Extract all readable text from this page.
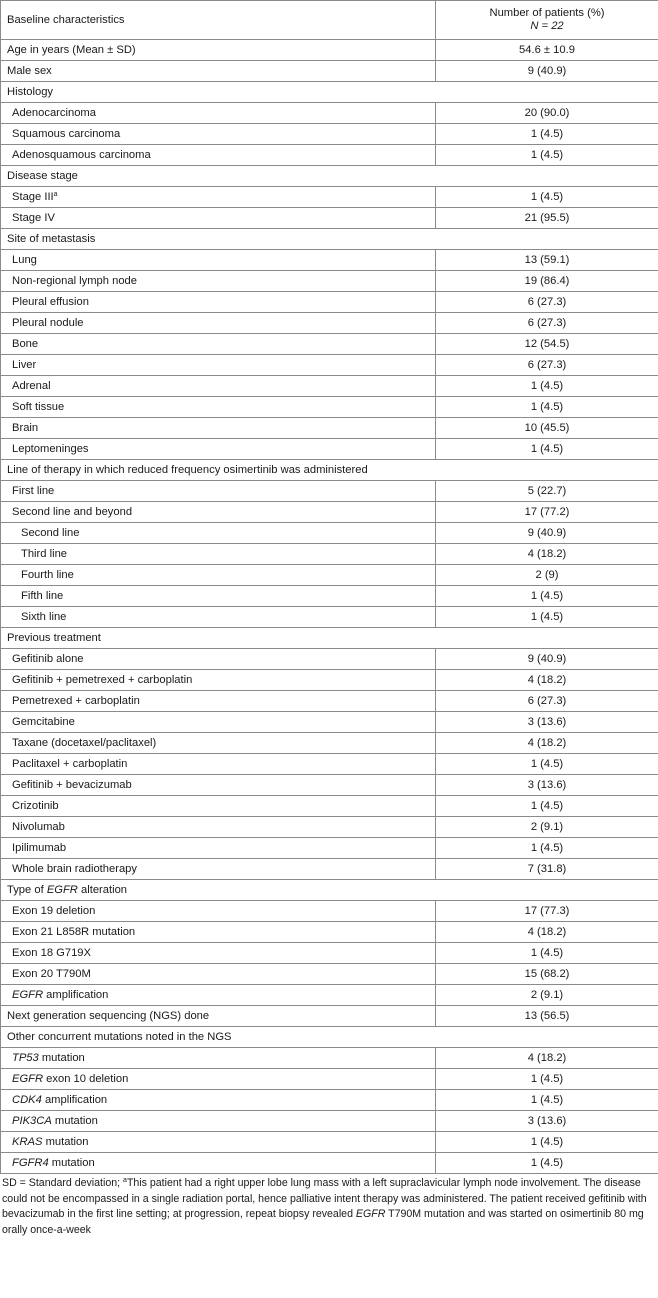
Baseline characteristics	Number of patients (%)
N = 22
Age in years (Mean ± SD)	54.6 ± 10.9
Male sex	9 (40.9)
Histology	
Adenocarcinoma	20 (90.0)
Squamous carcinoma	1 (4.5)
Adenosquamous carcinoma	1 (4.5)
Disease stage	
Stage III$^a$	1 (4.5)
Stage IV	21 (95.5)
Site of metastasis	
Lung	13 (59.1)
Non-regional lymph node	19 (86.4)
Pleural effusion	6 (27.3)
Pleural nodule	6 (27.3)
Bone	12 (54.5)
Liver	6 (27.3)
Adrenal	1 (4.5)
Soft tissue	1 (4.5)
Brain	10 (45.5)
Leptomeninges	1 (4.5)
Line of therapy in which reduced frequency osimertinib was administered	
First line	5 (22.7)
Second line and beyond	17 (77.2)
Second line	9 (40.9)
Third line	4 (18.2)
Fourth line	2 (9)
Fifth line	1 (4.5)
Sixth line	1 (4.5)
Previous treatment	
Gefitinib alone	9 (40.9)
Gefitinib + pemetrexed + carboplatin	4 (18.2)
Pemetrexed + carboplatin	6 (27.3)
Gemcitabine	3 (13.6)
Taxane (docetaxel/paclitaxel)	4 (18.2)
Paclitaxel + carboplatin	1 (4.5)
Gefitinib + bevacizumab	3 (13.6)
Crizotinib	1 (4.5)
Nivolumab	2 (9.1)
Ipilimumab	1 (4.5)
Whole brain radiotherapy	7 (31.8)
Type of EGFR alteration	
Exon 19 deletion	17 (77.3)
Exon 21 L858R mutation	4 (18.2)
Exon 18 G719X	1 (4.5)
Exon 20 T790M	15 (68.2)
EGFR amplification	2 (9.1)
Next generation sequencing (NGS) done	13 (56.5)
Other concurrent mutations noted in the NGS	
TP53 mutation	4 (18.2)
EGFR exon 10 deletion	1 (4.5)
CDK4 amplification	1 (4.5)
PIK3CA mutation	3 (13.6)
KRAS mutation	1 (4.5)
FGFR4 mutation	1 (4.5)
SD = Standard deviation; $^a$This patient had a right upper lobe lung mass with a left supraclavicular lymph node involvement. The disease could not be encompassed in a single radiation portal, hence palliative intent therapy was administered. The patient received gefitinib with bevacizumab in the first line setting; at progression, repeat biopsy revealed EGFR T790M mutation and was started on osimertinib 80 mg orally once-a-week
